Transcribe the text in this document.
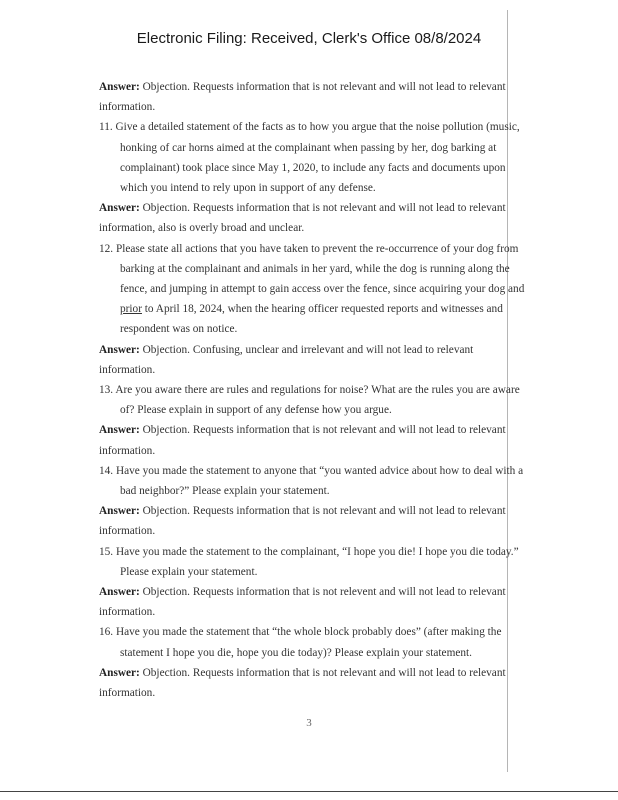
Electronic Filing: Received, Clerk's Office 08/8/2024

Answer: Objection. Requests information that is not relevant and will not lead to relevant information.

11. Give a detailed statement of the facts as to how you argue that the noise pollution (music, honking of car horns aimed at the complainant when passing by her, dog barking at complainant) took place since May 1, 2020, to include any facts and documents upon which you intend to rely upon in support of any defense.

Answer: Objection. Requests information that is not relevant and will not lead to relevant information, also is overly broad and unclear.

12. Please state all actions that you have taken to prevent the re-occurrence of your dog from barking at the complainant and animals in her yard, while the dog is running along the fence, and jumping in attempt to gain access over the fence, since acquiring your dog and prior to April 18, 2024, when the hearing officer requested reports and witnesses and respondent was on notice.

Answer: Objection. Confusing, unclear and irrelevant and will not lead to relevant information.

13. Are you aware there are rules and regulations for noise? What are the rules you are aware of? Please explain in support of any defense how you argue.

Answer: Objection. Requests information that is not relevant and will not lead to relevant information.

14. Have you made the statement to anyone that “you wanted advice about how to deal with a bad neighbor?” Please explain your statement.

Answer: Objection. Requests information that is not relevant and will not lead to relevant information.

15. Have you made the statement to the complainant, “I hope you die! I hope you die today.” Please explain your statement.

Answer: Objection. Requests information that is not relevent and will not lead to relevant information.

16. Have you made the statement that “the whole block probably does” (after making the statement I hope you die, hope you die today)? Please explain your statement.

Answer: Objection. Requests information that is not relevant and will not lead to relevant information.

3
